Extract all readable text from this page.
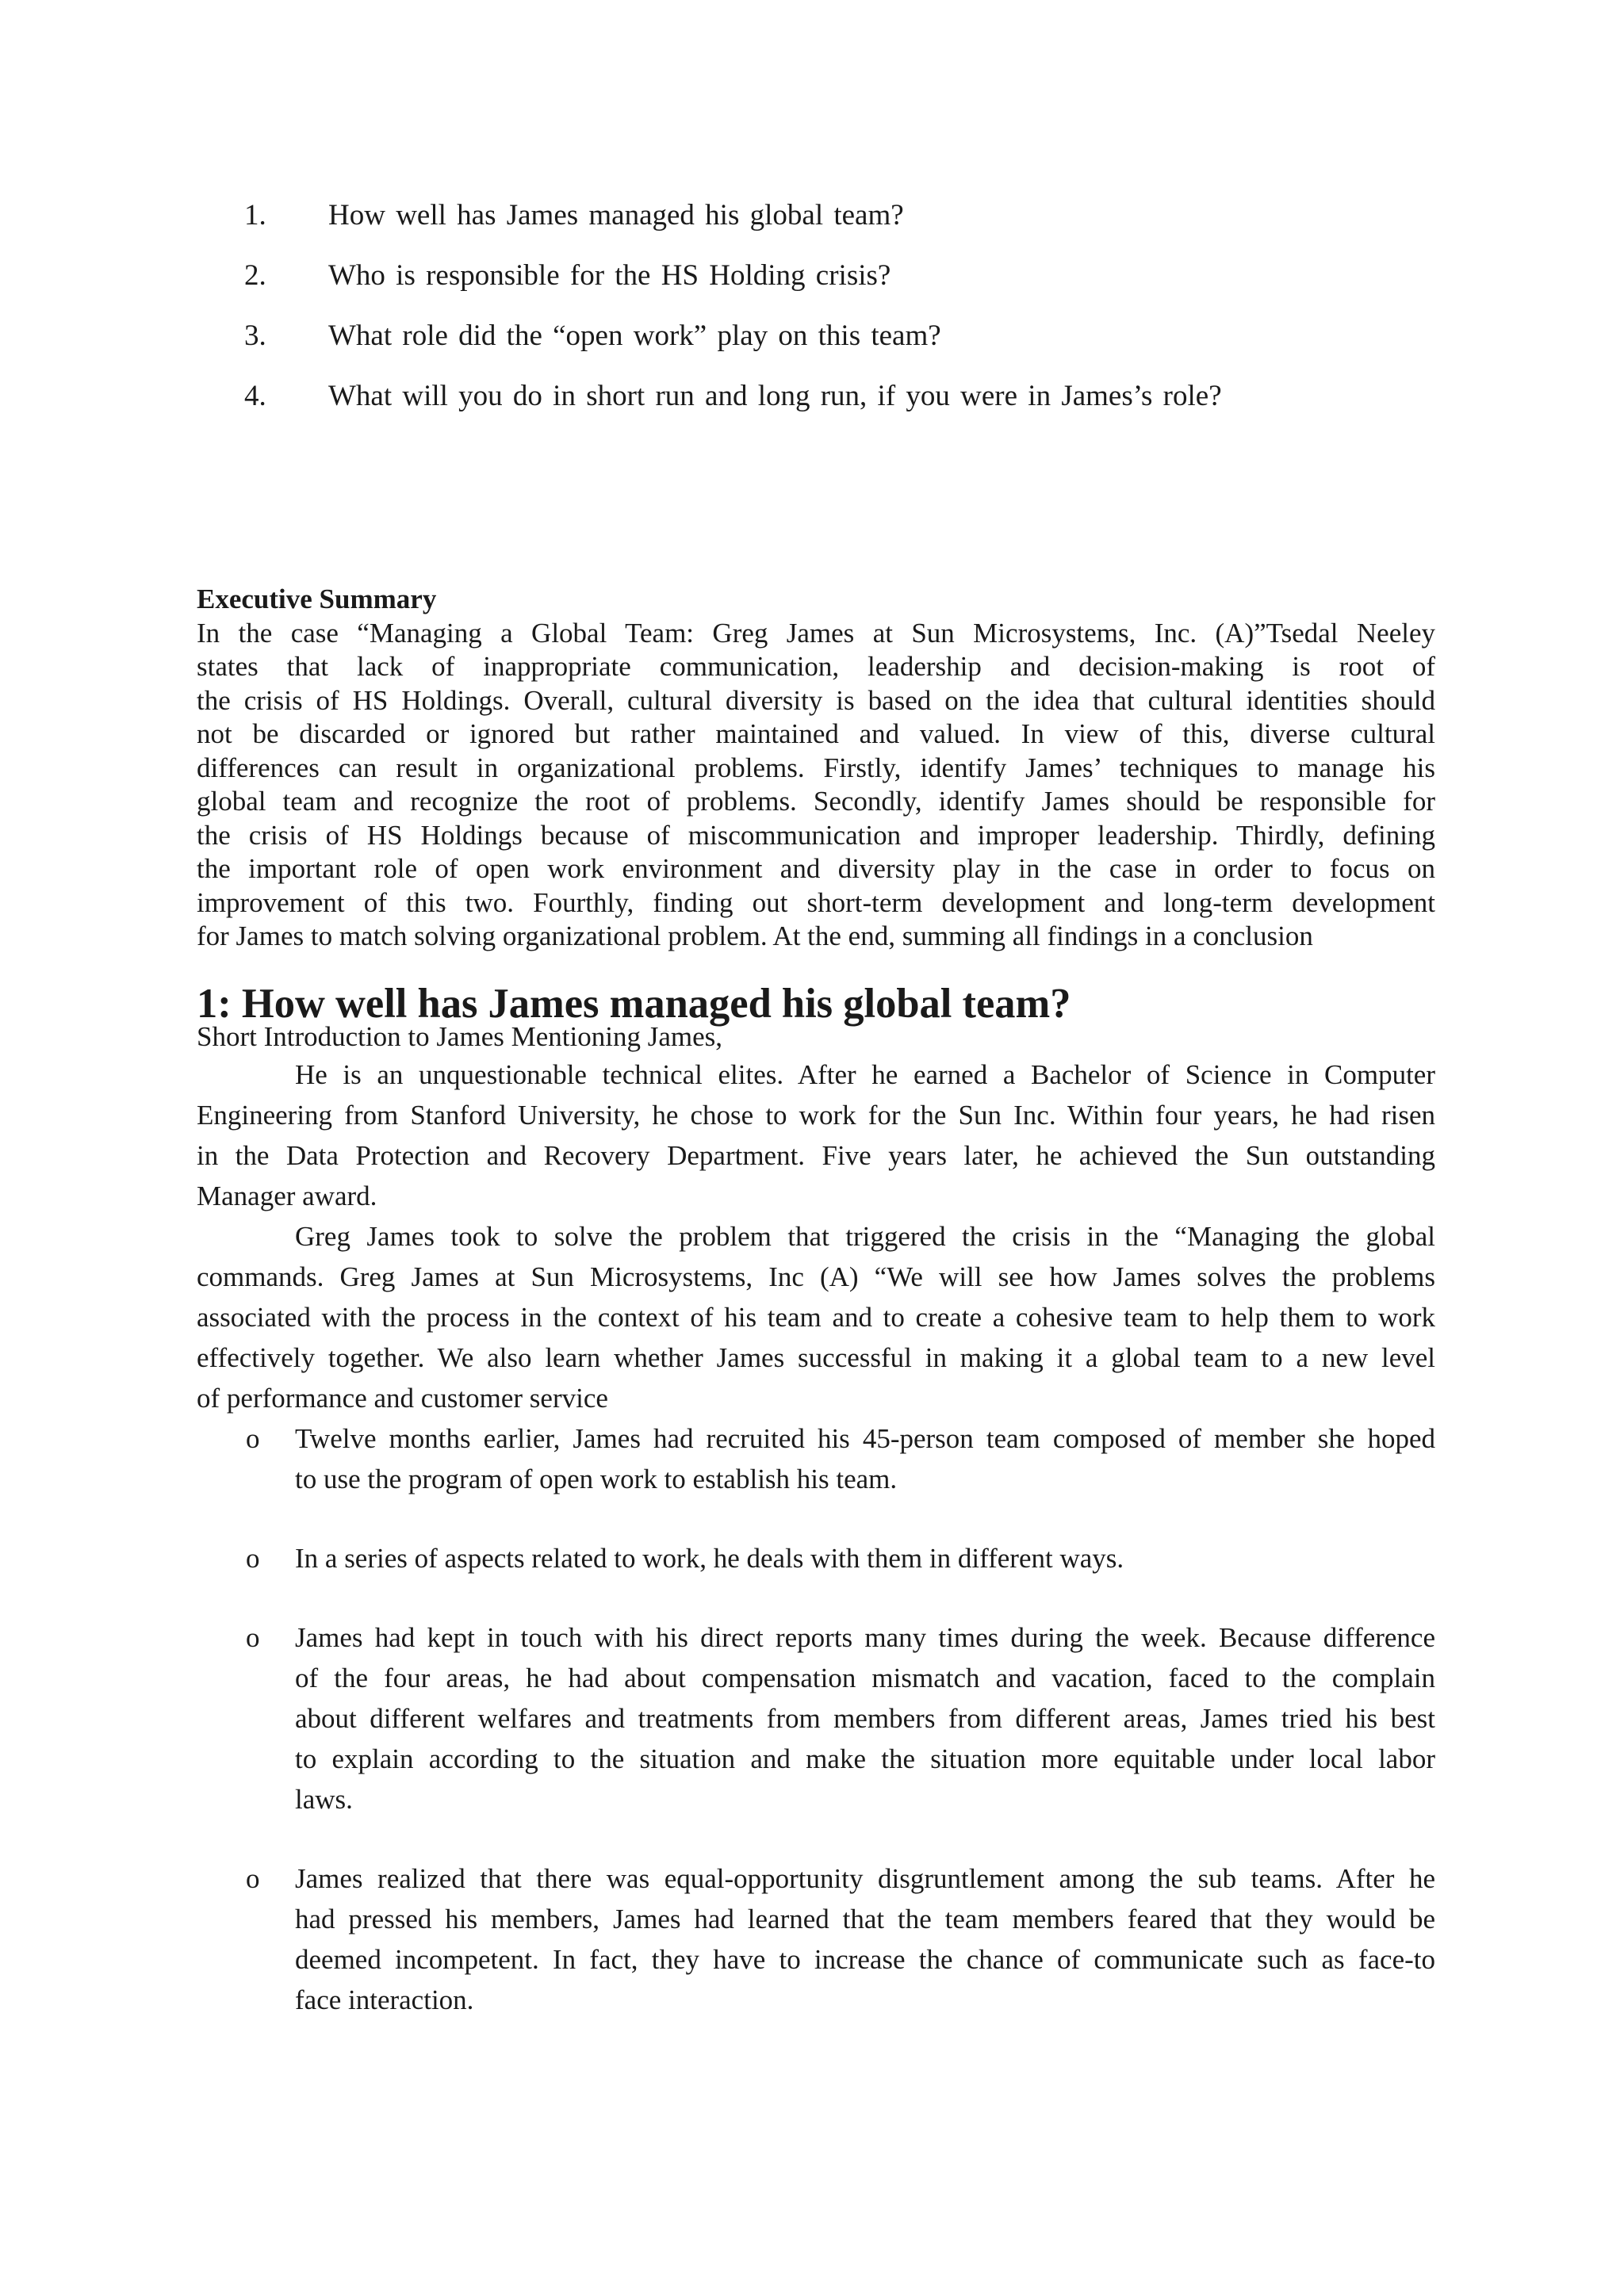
1. How well has James managed his global team?
2. Who is responsible for the HS Holding crisis?
3. What role did the “open work” play on this team?
4. What will you do in short run and long run, if you were in James’s role?
Executive Summary

In the case “Managing a Global Team: Greg James at Sun Microsystems, Inc. (A)”Tsedal Neeley

states that lack of inappropriate communication, leadership and decision-making is root of

the crisis of HS Holdings. Overall, cultural diversity is based on the idea that cultural identities should

not be discarded or ignored but rather maintained and valued. In view of this, diverse cultural

differences can result in organizational problems. Firstly, identify James’ techniques to manage his

global team and recognize the root of problems. Secondly, identify James should be responsible for

the crisis of HS Holdings because of miscommunication and improper leadership. Thirdly, defining

the important role of open work environment and diversity play in the case in order to focus on

improvement of this two. Fourthly, finding out short-term development and long-term development

for James to match solving organizational problem. At the end, summing all findings in a conclusion

1: How well has James managed his global team?

Short Introduction to James Mentioning James,

He is an unquestionable technical elites. After he earned a Bachelor of Science in Computer
Engineering from Stanford University, he chose to work for the Sun Inc. Within four years, he had risen
in the Data Protection and Recovery Department. Five years later, he achieved the Sun outstanding
Manager award.

Greg James took to solve the problem that triggered the crisis in the “Managing the global
commands. Greg James at Sun Microsystems, Inc (A) “We will see how James solves the problems
associated with the process in the context of his team and to create a cohesive team to help them to work
effectively together. We also learn whether James successful in making it a global team to a new level
of performance and customer service

o Twelve months earlier, James had recruited his 45-person team composed of member she hoped
to use the program of open work to establish his team.
o In a series of aspects related to work, he deals with them in different ways.
o James had kept in touch with his direct reports many times during the week. Because difference
of the four areas, he had about compensation mismatch and vacation, faced to the complain
about different welfares and treatments from members from different areas, James tried his best
to explain according to the situation and make the situation more equitable under local labor
laws.
o James realized that there was equal-opportunity disgruntlement among the sub teams. After he
had pressed his members, James had learned that the team members feared that they would be
deemed incompetent. In fact, they have to increase the chance of communicate such as face-to
face interaction.
